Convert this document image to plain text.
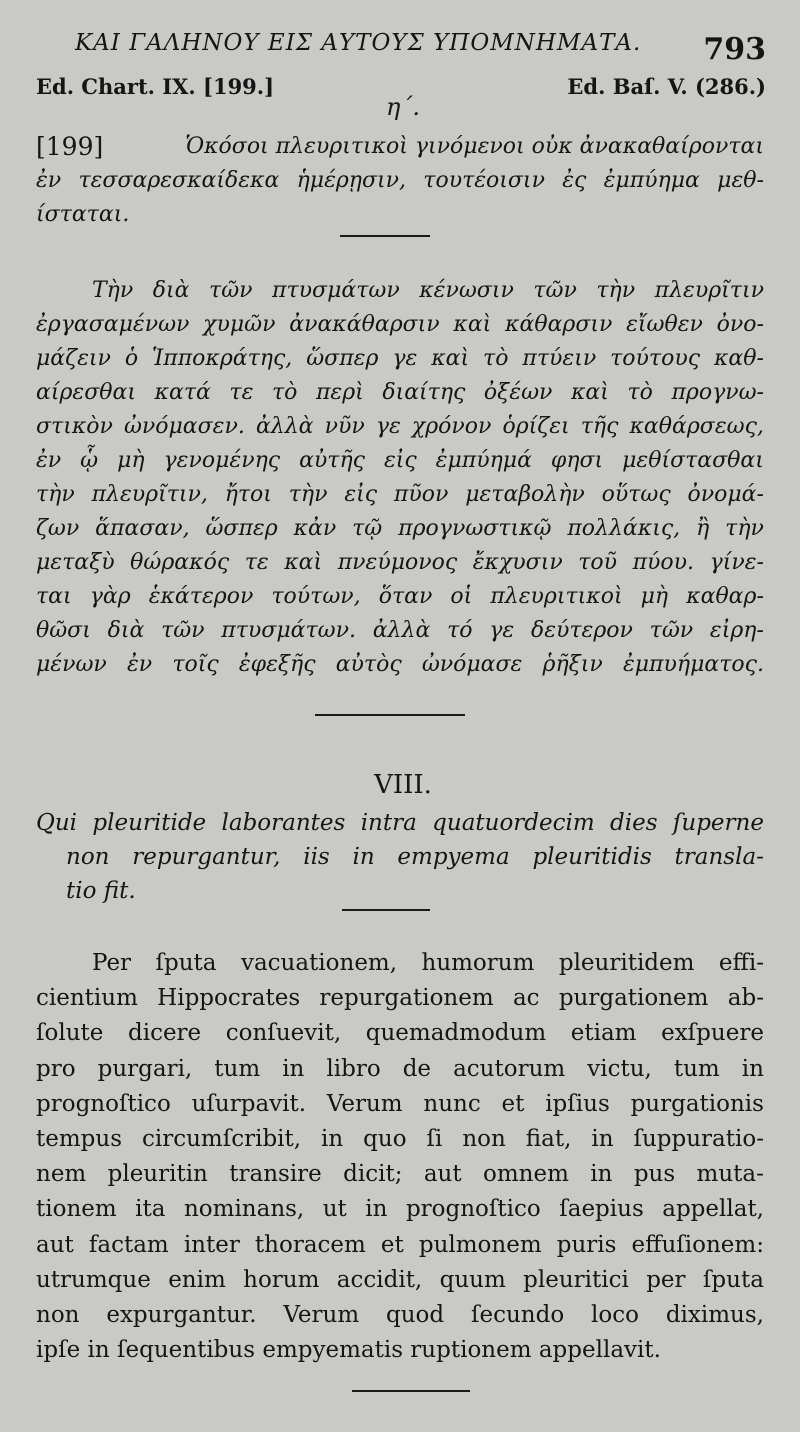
ΚΑΙ ΓΑΛΗΝΟΥ ΕΙΣ ΑΥΤΟΥΣ ΥΠΟΜΝΗΜΑΤΑ.	793
Ed. Chart. IX. [199.]	Ed. Baſ. V. (286.)
η΄.
[199]	Ὁκόσοι πλευριτικοὶ γινόμενοι οὐκ ἀνακαθαίρονται
ἐν τεσσαρεσκαίδεκα ἡμέρῃσιν, τουτέοισιν ἐς ἐμπύημα μεθ-
ίσταται.
Τὴν διὰ τῶν πτυσμάτων κένωσιν τῶν τὴν πλευρῖτιν
ἐργασαμένων χυμῶν ἀνακάθαρσιν καὶ κάθαρσιν εἴωθεν ὀνο-
μάζειν ὁ Ἱπποκράτης, ὥσπερ γε καὶ τὸ πτύειν τούτους καθ-
αίρεσθαι κατά τε τὸ περὶ διαίτης ὀξέων καὶ τὸ προγνω-
στικὸν ὠνόμασεν. ἀλλὰ νῦν γε χρόνον ὁρίζει τῆς καθάρσεως,
ἐν ᾧ μὴ γενομένης αὐτῆς εἰς ἐμπύημά φησι μεθίστασθαι
τὴν πλευρῖτιν, ἤτοι τὴν εἰς πῦον μεταβολὴν οὕτως ὀνομά-
ζων ἅπασαν, ὥσπερ κἀν τῷ προγνωστικῷ πολλάκις, ἢ τὴν
μεταξὺ θώρακός τε καὶ πνεύμονος ἔκχυσιν τοῦ πύου. γίνε-
ται γὰρ ἑκάτερον τούτων, ὅταν οἱ πλευριτικοὶ μὴ καθαρ-
θῶσι διὰ τῶν πτυσμάτων. ἀλλὰ τό γε δεύτερον τῶν εἰρη-
μένων ἐν τοῖς ἐφεξῆς αὐτὸς ὠνόμασε ῥῆξιν ἐμπυήματος.
VIII.
Qui pleuritide laborantes intra quatuordecim dies ſuperne
non repurgantur, iis in empyema pleuritidis transla-
tio fit.
Per ſputa vacuationem, humorum pleuritidem effi-
cientium Hippocrates repurgationem ac purgationem ab-
ſolute dicere conſuevit, quemadmodum etiam exſpuere
pro purgari, tum in libro de acutorum victu, tum in
prognoſtico uſurpavit. Verum nunc et ipſius purgationis
tempus circumſcribit, in quo ſi non fiat, in ſuppuratio-
nem pleuritin transire dicit; aut omnem in pus muta-
tionem ita nominans, ut in prognoſtico ſaepius appellat,
aut factam inter thoracem et pulmonem puris effuſionem:
utrumque enim horum accidit, quum pleuritici per ſputa
non expurgantur. Verum quod ſecundo loco diximus,
ipſe in ſequentibus empyematis ruptionem appellavit.
